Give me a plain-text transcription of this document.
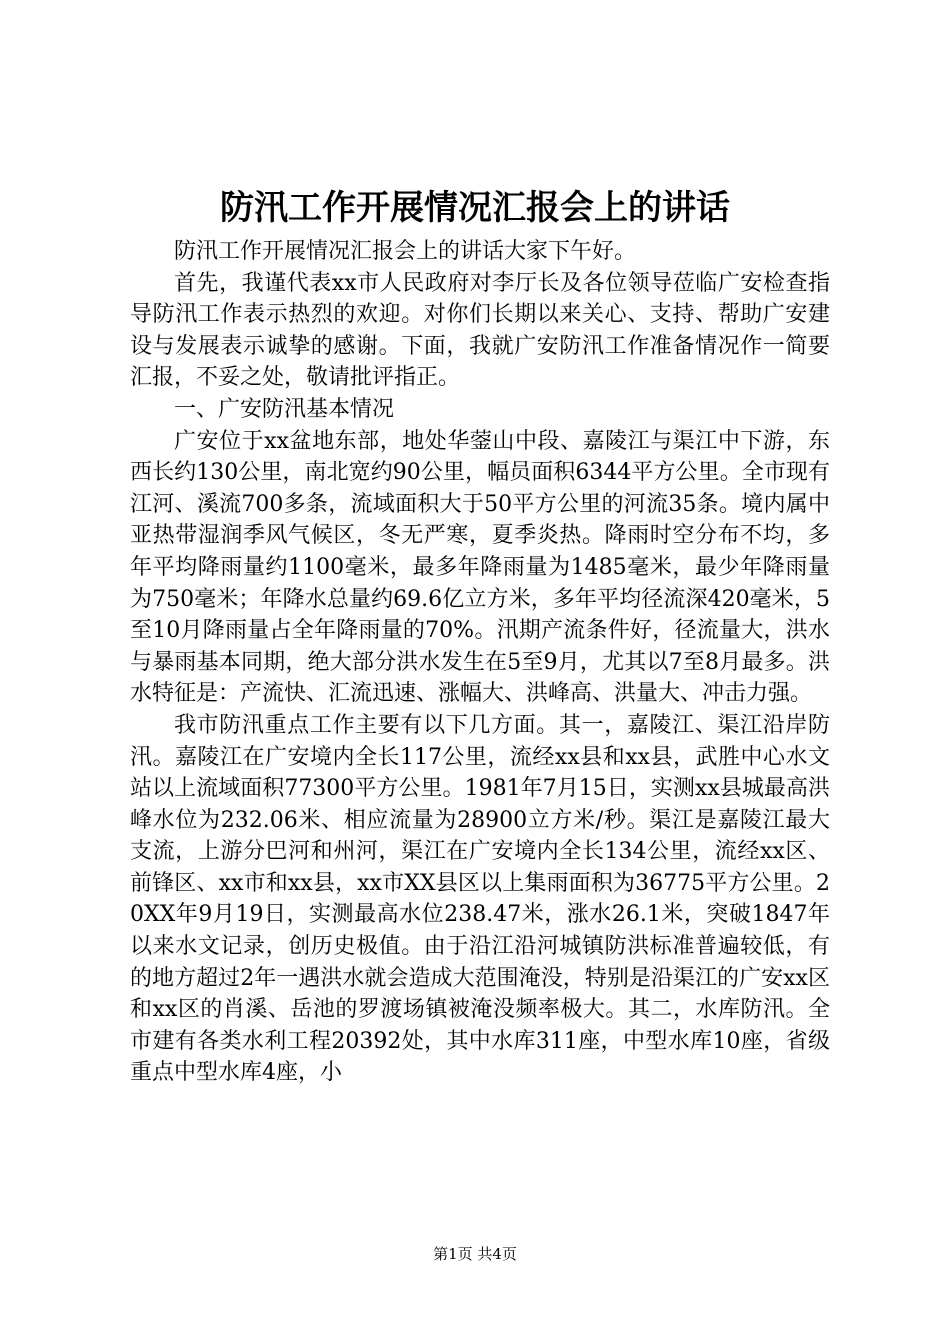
防汛工作开展情况汇报会上的讲话

防汛工作开展情况汇报会上的讲话大家下午好。

首先，我谨代表xx市人民政府对李厅长及各位领导莅临广安检查指导防汛工作表示热烈的欢迎。对你们长期以来关心、支持、帮助广安建设与发展表示诚挚的感谢。下面，我就广安防汛工作准备情况作一简要汇报，不妥之处，敬请批评指正。

一、广安防汛基本情况

广安位于xx盆地东部，地处华蓥山中段、嘉陵江与渠江中下游，东西长约130公里，南北宽约90公里，幅员面积6344平方公里。全市现有江河、溪流700多条，流域面积大于50平方公里的河流35条。境内属中亚热带湿润季风气候区，冬无严寒，夏季炎热。降雨时空分布不均，多年平均降雨量约1100毫米，最多年降雨量为1485毫米，最少年降雨量为750毫米；年降水总量约69.6亿立方米，多年平均径流深420毫米，5至10月降雨量占全年降雨量的70%。汛期产流条件好，径流量大，洪水与暴雨基本同期，绝大部分洪水发生在5至9月，尤其以7至8月最多。洪水特征是：产流快、汇流迅速、涨幅大、洪峰高、洪量大、冲击力强。

我市防汛重点工作主要有以下几方面。其一，嘉陵江、渠江沿岸防汛。嘉陵江在广安境内全长117公里，流经xx县和xx县，武胜中心水文站以上流域面积77300平方公里。1981年7月15日，实测xx县城最高洪峰水位为232.06米、相应流量为28900立方米/秒。渠江是嘉陵江最大支流，上游分巴河和州河，渠江在广安境内全长134公里，流经xx区、前锋区、xx市和xx县，xx市XX县区以上集雨面积为36775平方公里。20XX年9月19日，实测最高水位238.47米，涨水26.1米，突破1847年以来水文记录，创历史极值。由于沿江沿河城镇防洪标准普遍较低，有的地方超过2年一遇洪水就会造成大范围淹没，特别是沿渠江的广安xx区和xx区的肖溪、岳池的罗渡场镇被淹没频率极大。其二，水库防汛。全市建有各类水利工程20392处，其中水库311座，中型水库10座，省级重点中型水库4座，小

第1页 共4页
